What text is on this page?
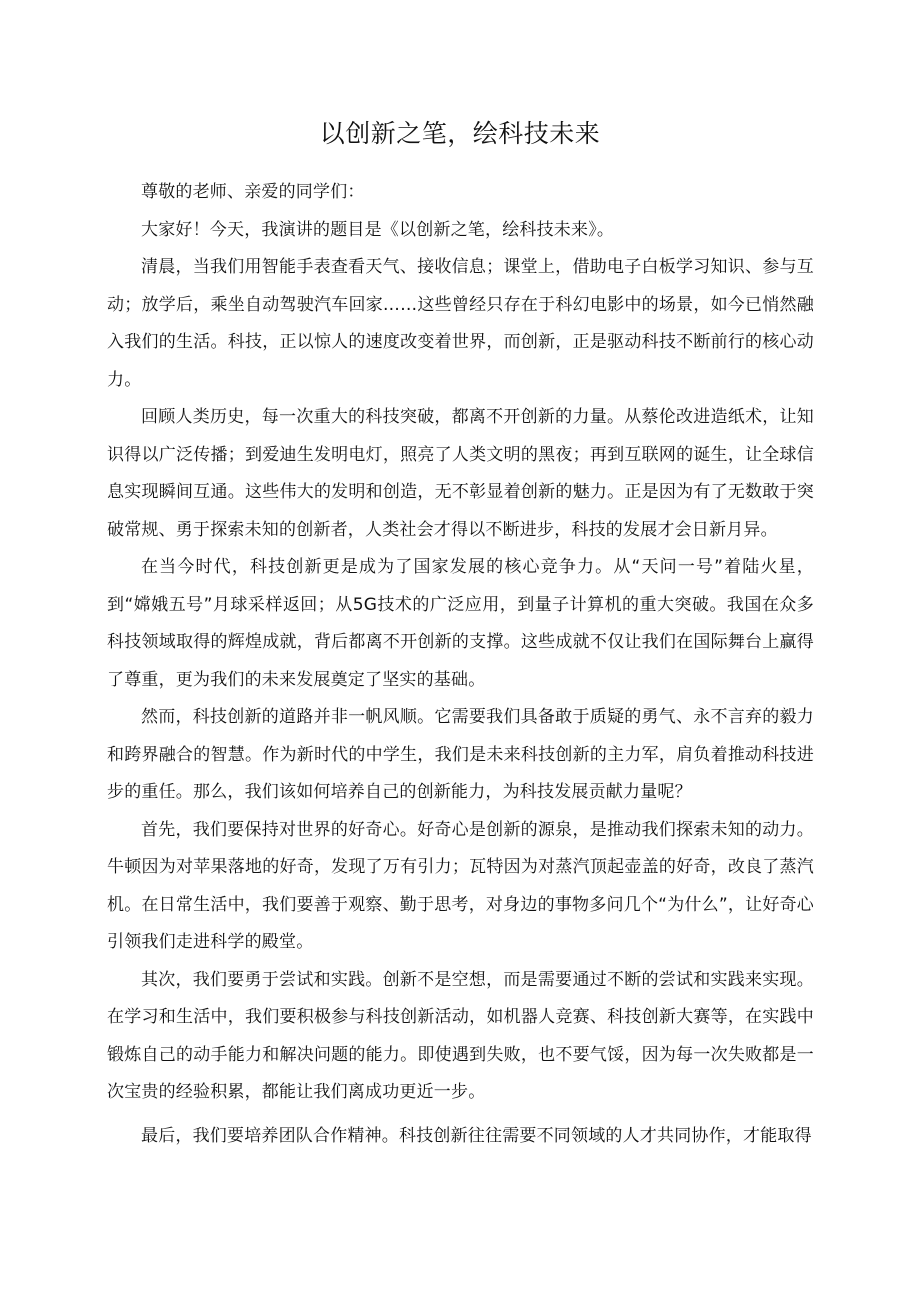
以创新之笔，绘科技未来

尊敬的老师、亲爱的同学们：

大家好！今天，我演讲的题目是《以创新之笔，绘科技未来》。

清晨，当我们用智能手表查看天气、接收信息；课堂上，借助电子白板学习知识、参与互动；放学后，乘坐自动驾驶汽车回家……这些曾经只存在于科幻电影中的场景，如今已悄然融入我们的生活。科技，正以惊人的速度改变着世界，而创新，正是驱动科技不断前行的核心动力。

回顾人类历史，每一次重大的科技突破，都离不开创新的力量。从蔡伦改进造纸术，让知识得以广泛传播；到爱迪生发明电灯，照亮了人类文明的黑夜；再到互联网的诞生，让全球信息实现瞬间互通。这些伟大的发明和创造，无不彰显着创新的魅力。正是因为有了无数敢于突破常规、勇于探索未知的创新者，人类社会才得以不断进步，科技的发展才会日新月异。

在当今时代，科技创新更是成为了国家发展的核心竞争力。从“天问一号”着陆火星，到“嫦娥五号”月球采样返回；从5G技术的广泛应用，到量子计算机的重大突破。我国在众多科技领域取得的辉煌成就，背后都离不开创新的支撑。这些成就不仅让我们在国际舞台上赢得了尊重，更为我们的未来发展奠定了坚实的基础。

然而，科技创新的道路并非一帆风顺。它需要我们具备敢于质疑的勇气、永不言弃的毅力和跨界融合的智慧。作为新时代的中学生，我们是未来科技创新的主力军，肩负着推动科技进步的重任。那么，我们该如何培养自己的创新能力，为科技发展贡献力量呢？

首先，我们要保持对世界的好奇心。好奇心是创新的源泉，是推动我们探索未知的动力。牛顿因为对苹果落地的好奇，发现了万有引力；瓦特因为对蒸汽顶起壶盖的好奇，改良了蒸汽机。在日常生活中，我们要善于观察、勤于思考，对身边的事物多问几个“为什么”，让好奇心引领我们走进科学的殿堂。

其次，我们要勇于尝试和实践。创新不是空想，而是需要通过不断的尝试和实践来实现。在学习和生活中，我们要积极参与科技创新活动，如机器人竞赛、科技创新大赛等，在实践中锻炼自己的动手能力和解决问题的能力。即使遇到失败，也不要气馁，因为每一次失败都是一次宝贵的经验积累，都能让我们离成功更近一步。

最后，我们要培养团队合作精神。科技创新往往需要不同领域的人才共同协作，才能取得
